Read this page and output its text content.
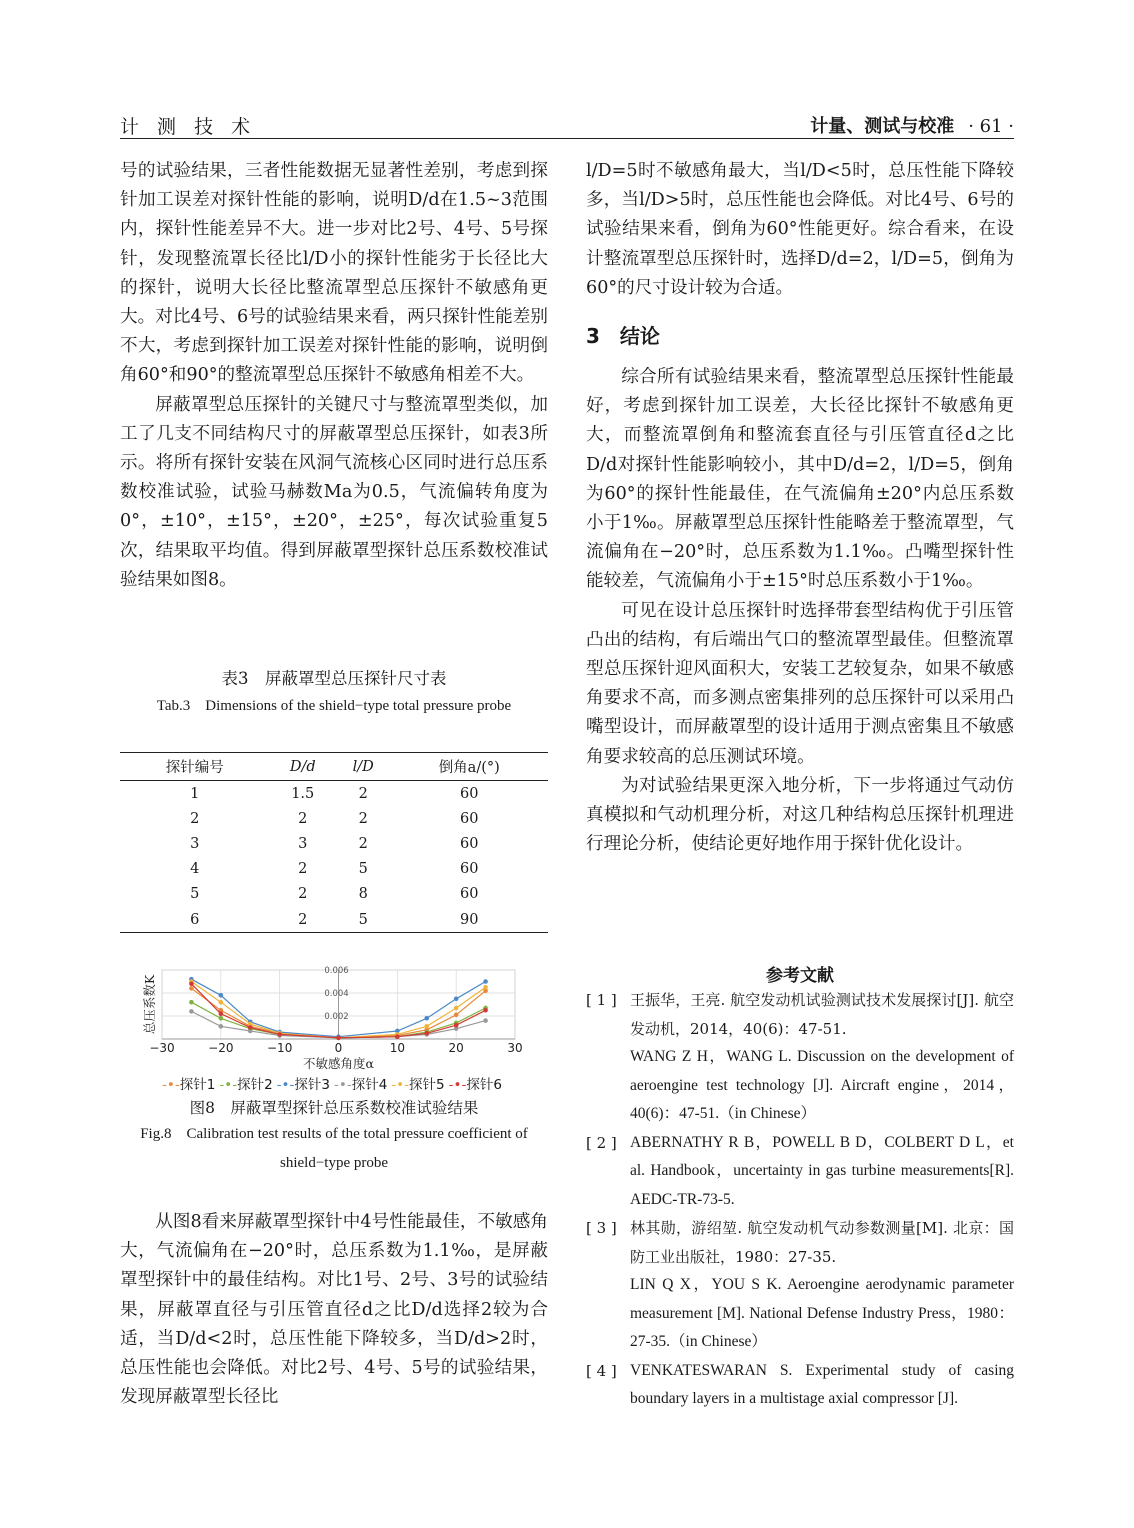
计 测 技 术	计量、测试与校准 · 61 ·

号的试验结果，三者性能数据无显著性差别，考虑到探针加工误差对探针性能的影响，说明D/d在1.5~3范围内，探针性能差异不大。进一步对比2号、4号、5号探针，发现整流罩长径比l/D小的探针性能劣于长径比大的探针，说明大长径比整流罩型总压探针不敏感角更大。对比4号、6号的试验结果来看，两只探针性能差别不大，考虑到探针加工误差对探针性能的影响，说明倒角60°和90°的整流罩型总压探针不敏感角相差不大。

屏蔽罩型总压探针的关键尺寸与整流罩型类似，加工了几支不同结构尺寸的屏蔽罩型总压探针，如表3所示。将所有探针安装在风洞气流核心区同时进行总压系数校准试验，试验马赫数Ma为0.5，气流偏转角度为0°，±10°，±15°，±20°，±25°，每次试验重复5次，结果取平均值。得到屏蔽罩型探针总压系数校准试验结果如图8。

表3　屏蔽罩型总压探针尺寸表
Tab.3　Dimensions of the shield−type total pressure probe
探针编号	D/d	l/D	倒角a/(°)
1	1.5	2	60
2	2	2	60
3	3	2	60
4	2	5	60
5	2	8	60
6	2	5	90
−30	−20	−10	0	10	20	30
0.002
0.004
0.006
不敏感角度α
总压系数K
-•-探针1 -•-探针2 -•-探针3 -•-探针4 -•-探针5 -•-探针6
图8　屏蔽罩型探针总压系数校准试验结果
Fig.8　Calibration test results of the total pressure coefficient of shield−type probe
从图8看来屏蔽罩型探针中4号性能最佳，不敏感角大，气流偏角在−20°时，总压系数为1.1‰，是屏蔽罩型探针中的最佳结构。对比1号、2号、3号的试验结果，屏蔽罩直径与引压管直径d之比D/d选择2较为合适，当D/d<2时，总压性能下降较多，当D/d>2时，总压性能也会降低。对比2号、4号、5号的试验结果，发现屏蔽罩型长径比
l/D=5时不敏感角最大，当l/D<5时，总压性能下降较多，当l/D>5时，总压性能也会降低。对比4号、6号的试验结果来看，倒角为60°性能更好。综合看来，在设计整流罩型总压探针时，选择D/d=2，l/D=5，倒角为60°的尺寸设计较为合适。
3　结论

综合所有试验结果来看，整流罩型总压探针性能最好，考虑到探针加工误差，大长径比探针不敏感角更大，而整流罩倒角和整流套直径与引压管直径d之比D/d对探针性能影响较小，其中D/d=2，l/D=5，倒角为60°的探针性能最佳，在气流偏角±20°内总压系数小于1‰。屏蔽罩型总压探针性能略差于整流罩型，气流偏角在−20°时，总压系数为1.1‰。凸嘴型探针性能较差，气流偏角小于±15°时总压系数小于1‰。

可见在设计总压探针时选择带套型结构优于引压管凸出的结构，有后端出气口的整流罩型最佳。但整流罩型总压探针迎风面积大，安装工艺较复杂，如果不敏感角要求不高，而多测点密集排列的总压探针可以采用凸嘴型设计，而屏蔽罩型的设计适用于测点密集且不敏感角要求较高的总压测试环境。

为对试验结果更深入地分析，下一步将通过气动仿真模拟和气动机理分析，对这几种结构总压探针机理进行理论分析，使结论更好地作用于探针优化设计。

参考文献
[ 1 ] 王振华，王亮. 航空发动机试验测试技术发展探讨[J]. 航空发动机，2014，40(6)：47-51.
WANG Z H，WANG L. Discussion on the development of aeroengine test technology [J]. Aircraft engine，2014，40(6)：47-51.（in Chinese）
[ 2 ] ABERNATHY R B，POWELL B D，COLBERT D L，et al. Handbook，uncertainty in gas turbine measurements[R]. AEDC-TR-73-5.
[ 3 ] 林其勋，游绍堃. 航空发动机气动参数测量[M]. 北京：国防工业出版社，1980：27-35.
LIN Q X，YOU S K. Aeroengine aerodynamic parameter measurement [M]. National Defense Industry Press，1980：27-35.（in Chinese）
[ 4 ] VENKATESWARAN S. Experimental study of casing boundary layers in a multistage axial compressor [J].
